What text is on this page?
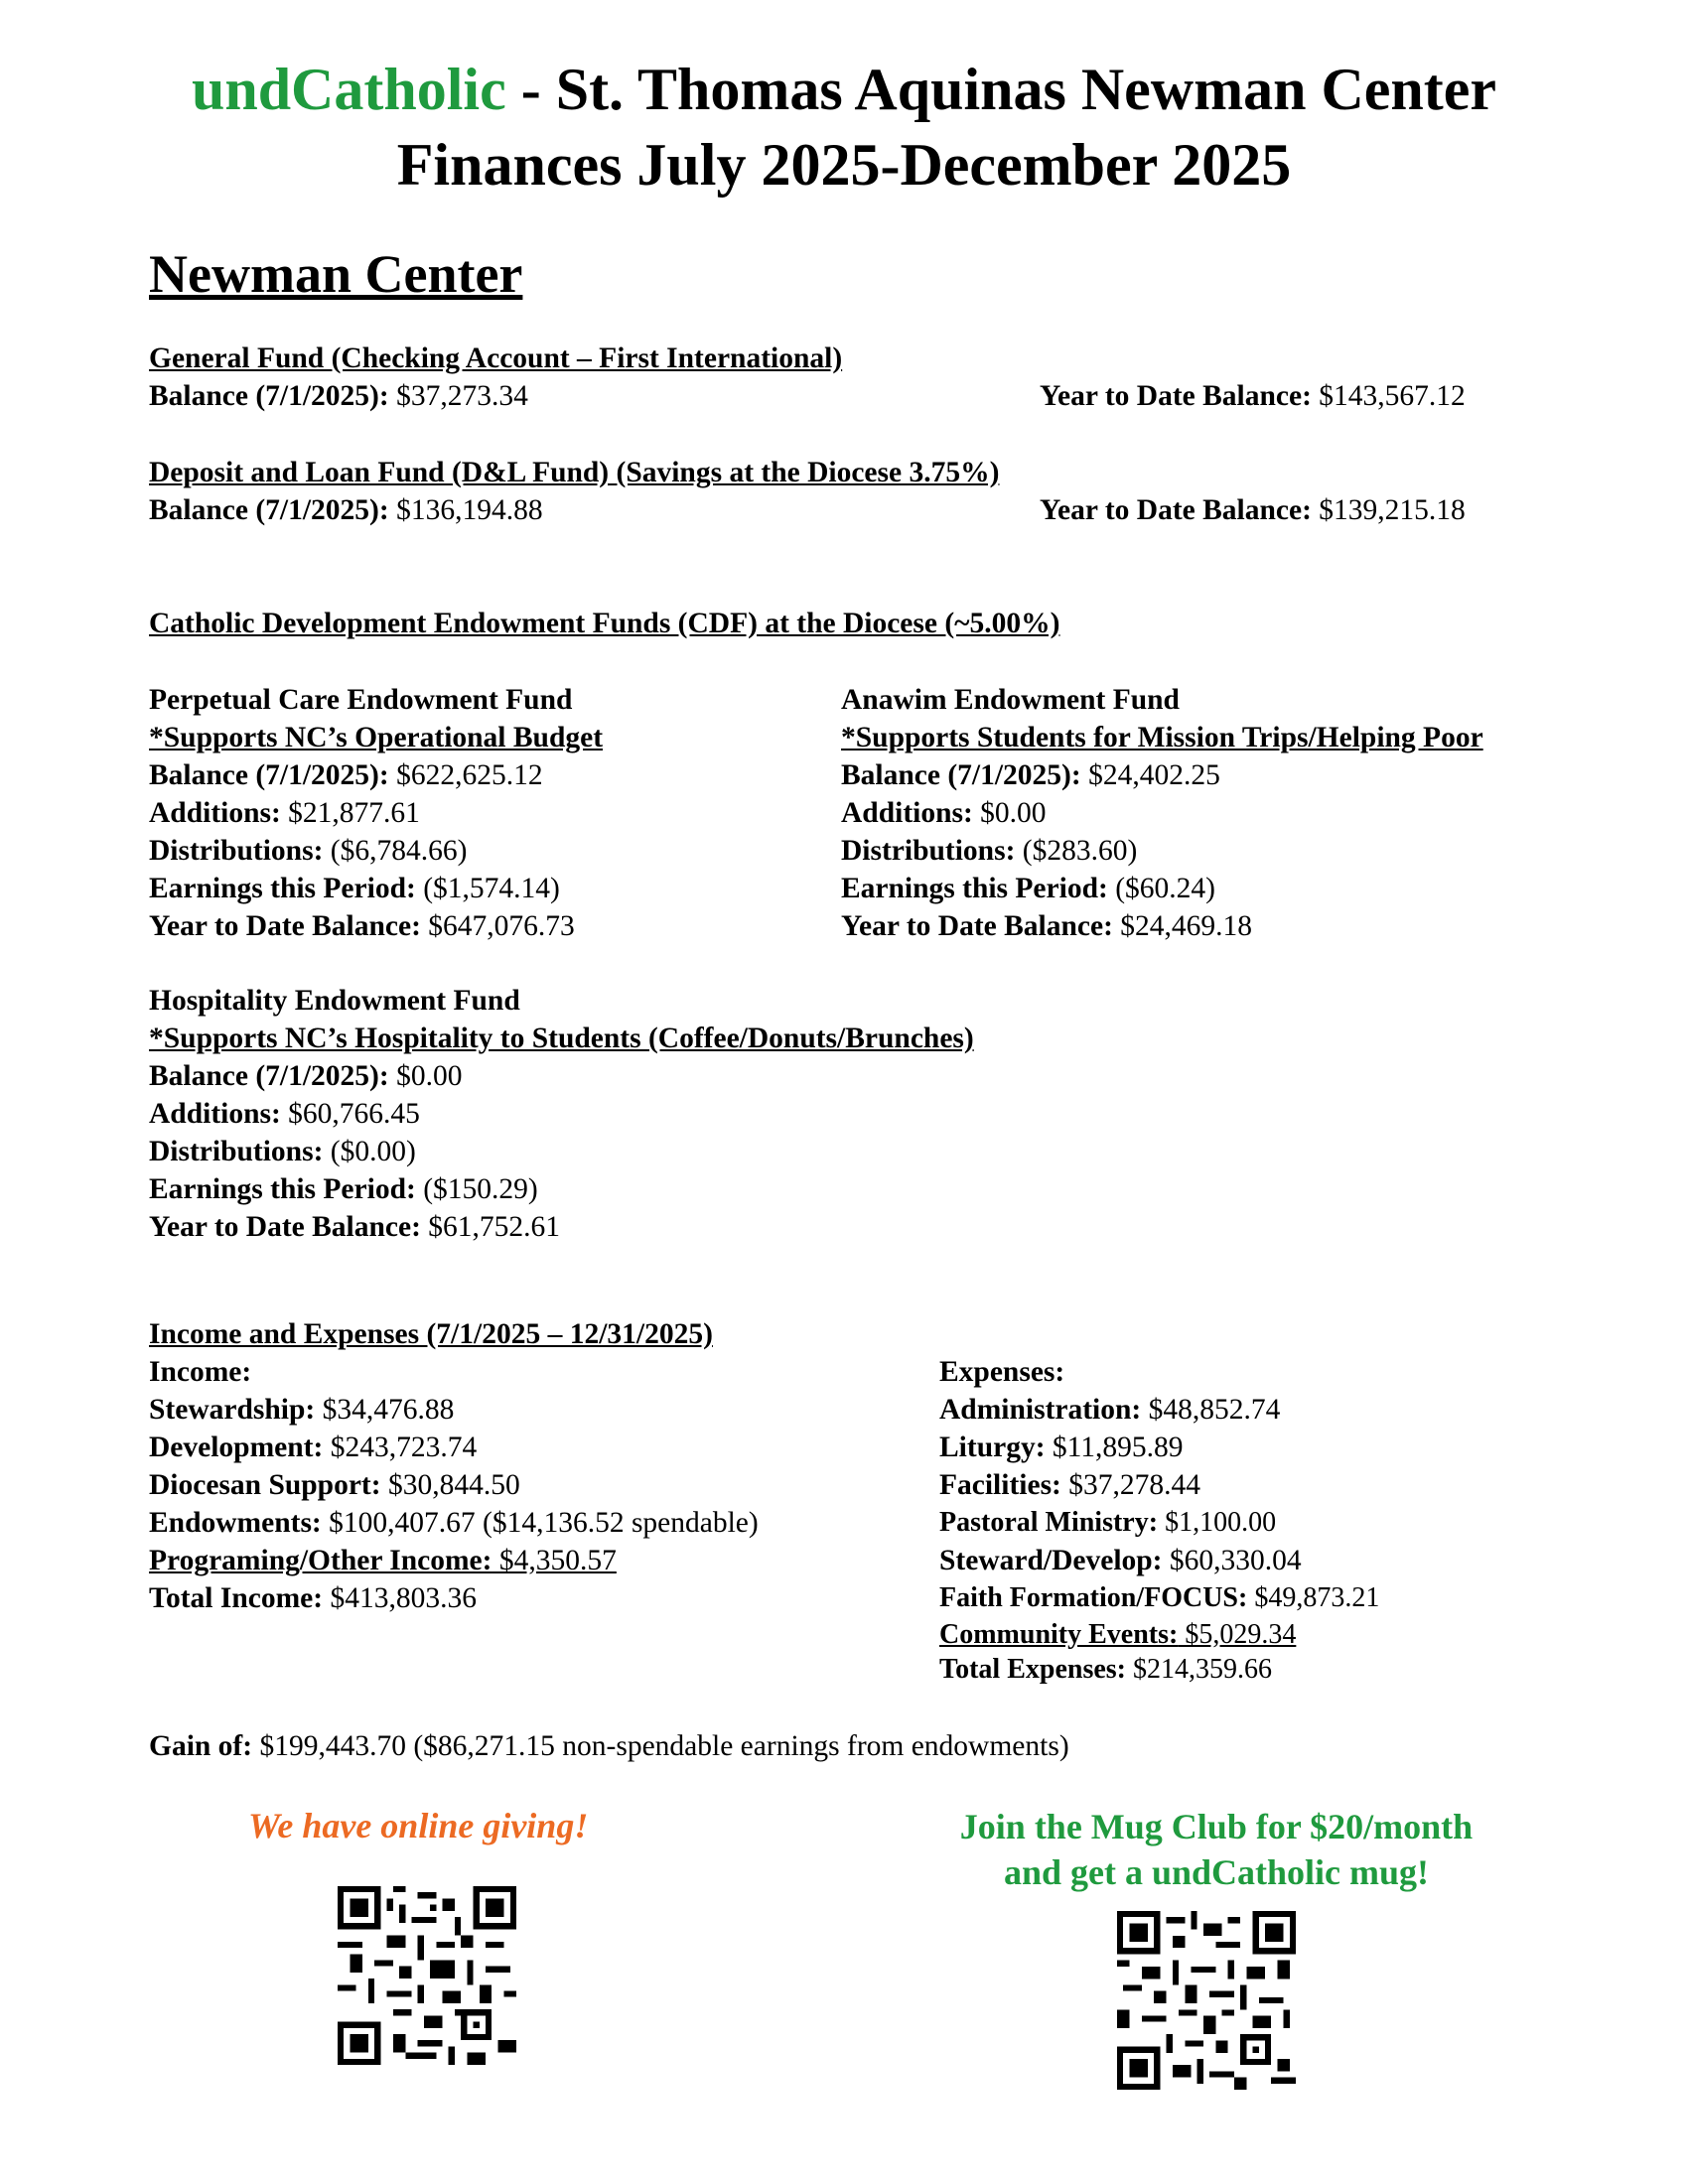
undCatholic - St. Thomas Aquinas Newman Center
Finances July 2025-December 2025
Newman Center
General Fund (Checking Account – First International)
Balance (7/1/2025): $37,273.34	Year to Date Balance: $143,567.12
Deposit and Loan Fund (D&L Fund) (Savings at the Diocese 3.75%)
Balance (7/1/2025): $136,194.88	Year to Date Balance: $139,215.18
Catholic Development Endowment Funds (CDF) at the Diocese (~5.00%)
Perpetual Care Endowment Fund
*Supports NC’s Operational Budget
Balance (7/1/2025): $622,625.12
Additions: $21,877.61
Distributions: ($6,784.66)
Earnings this Period: ($1,574.14)
Year to Date Balance: $647,076.73
Anawim Endowment Fund
*Supports Students for Mission Trips/Helping Poor
Balance (7/1/2025): $24,402.25
Additions: $0.00
Distributions: ($283.60)
Earnings this Period: ($60.24)
Year to Date Balance: $24,469.18
Hospitality Endowment Fund
*Supports NC’s Hospitality to Students (Coffee/Donuts/Brunches)
Balance (7/1/2025): $0.00
Additions: $60,766.45
Distributions: ($0.00)
Earnings this Period: ($150.29)
Year to Date Balance: $61,752.61
Income and Expenses (7/1/2025 – 12/31/2025)
Income:
Stewardship: $34,476.88
Development: $243,723.74
Diocesan Support: $30,844.50
Endowments: $100,407.67 ($14,136.52 spendable)
Programing/Other Income: $4,350.57
Total Income: $413,803.36
Expenses:
Administration: $48,852.74
Liturgy: $11,895.89
Facilities: $37,278.44
Pastoral Ministry: $1,100.00
Steward/Develop: $60,330.04
Faith Formation/FOCUS: $49,873.21
Community Events: $5,029.34
Total Expenses: $214,359.66
Gain of: $199,443.70 ($86,271.15 non-spendable earnings from endowments)
We have online giving!	Join the Mug Club for $20/month
and get a undCatholic mug!
